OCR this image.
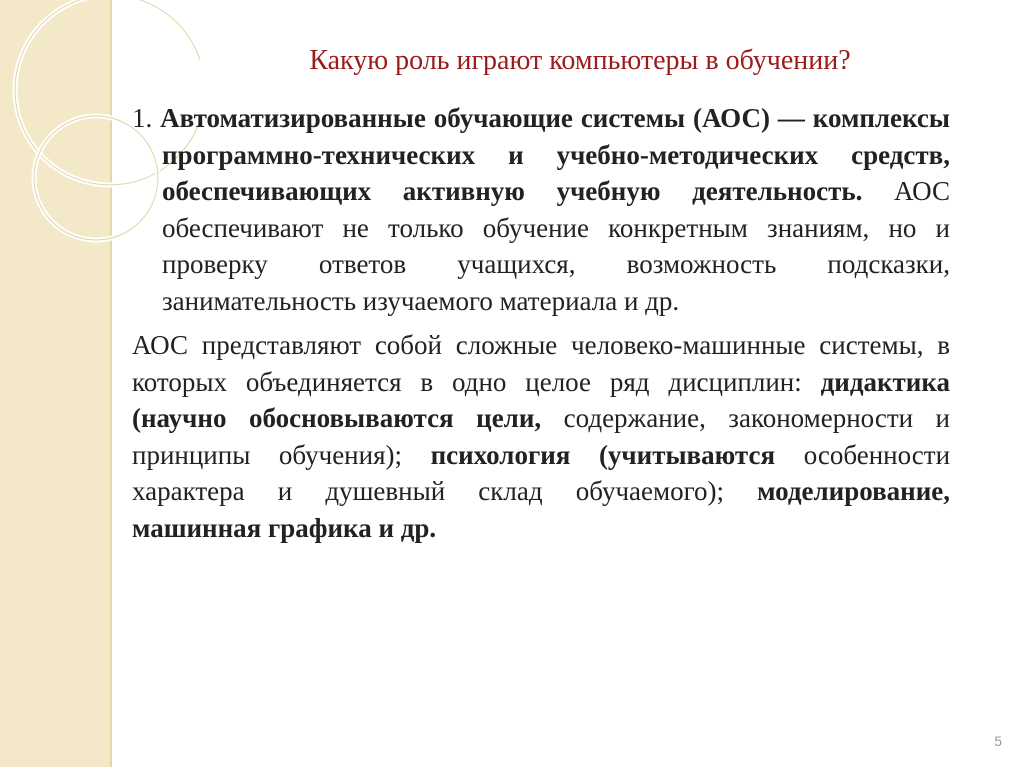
Какую роль играют компьютеры в обучении?

1. Автоматизированные обучающие системы (АОС) — комплексы программно-технических и учебно-методических средств, обеспечивающих активную учебную деятельность. АОС обеспечивают не только обучение конкретным знаниям, но и проверку ответов учащихся, возможность подсказки, занимательность изучаемого материала и др.

АОС представляют собой сложные человеко-машинные системы, в которых объединяется в одно целое ряд дисциплин: дидактика (научно обосновываются цели, содержание, закономерности и принципы обучения); психология (учитываются особенности характера и душевный склад обучаемого); моделирование, машинная графика и др.

5
